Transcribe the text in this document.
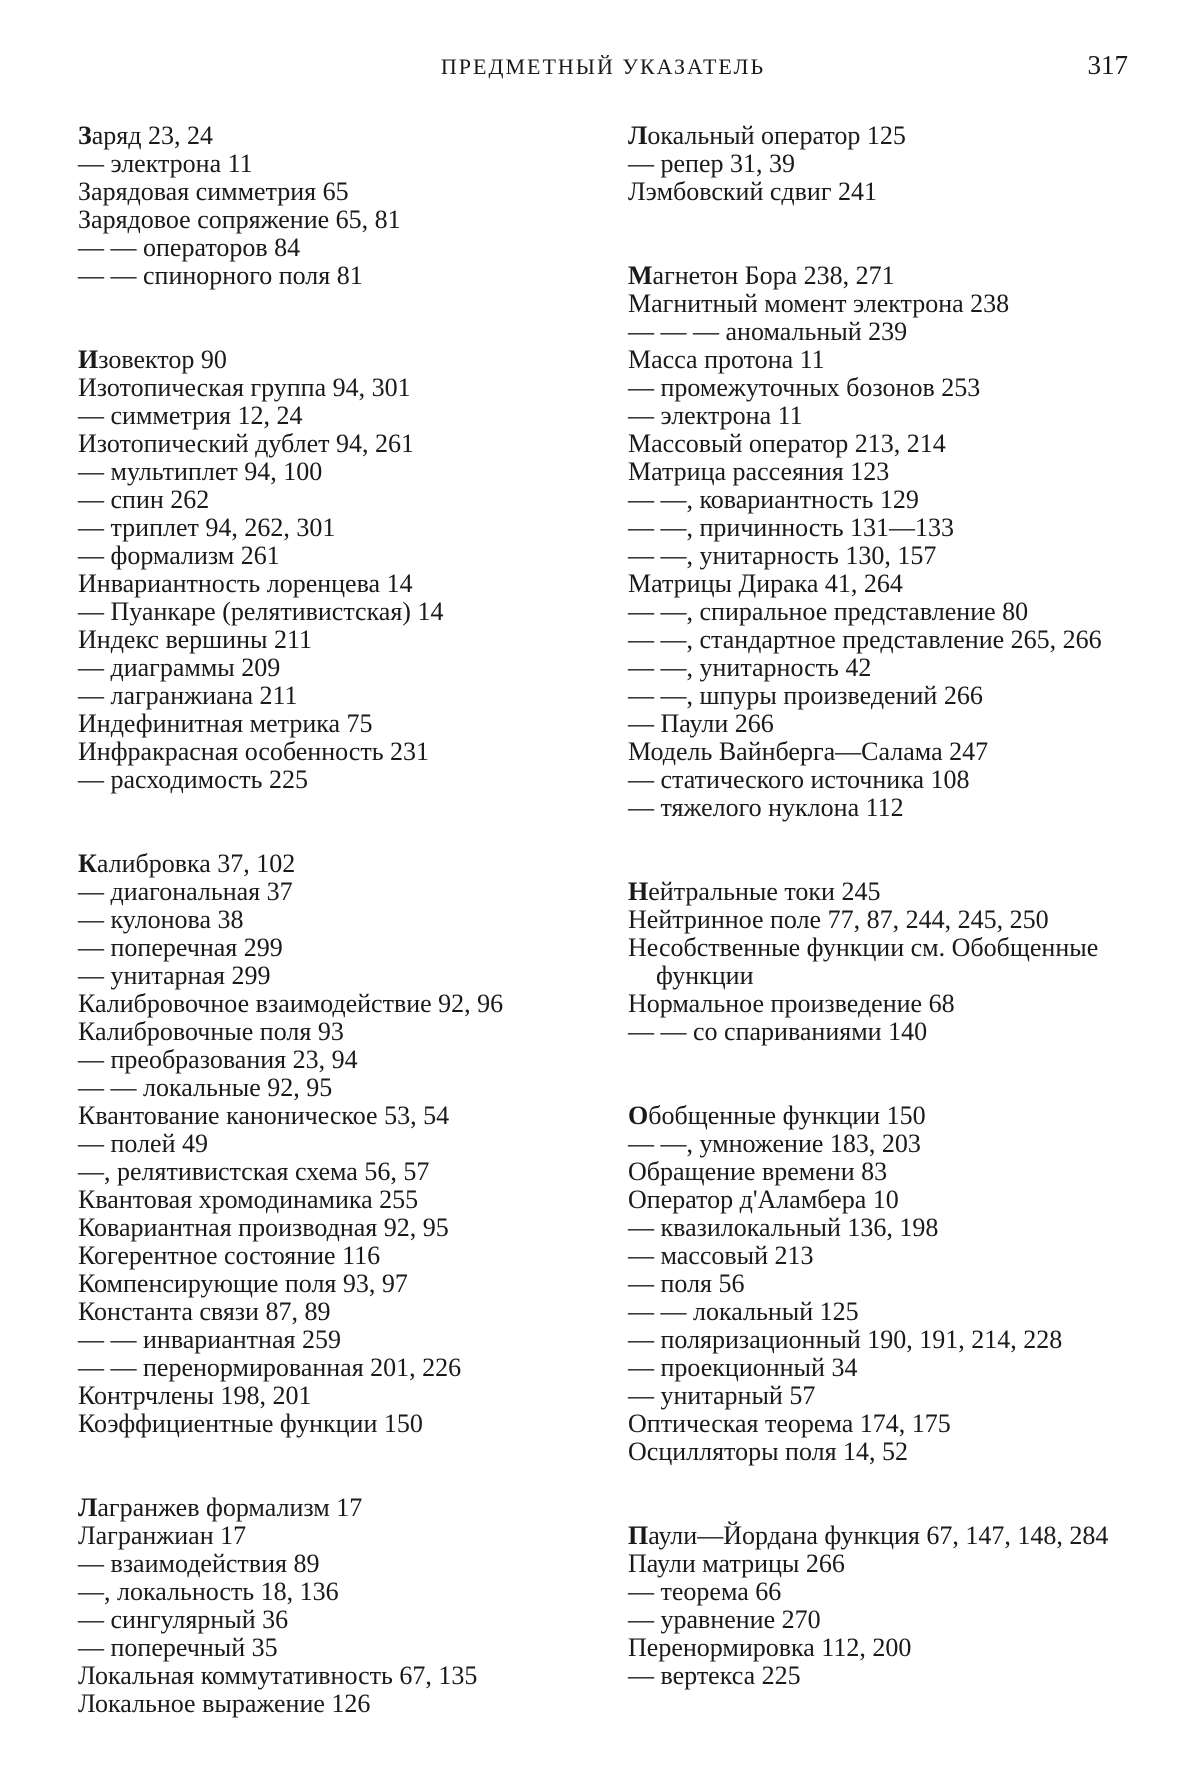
ПРЕДМЕТНЫЙ УКАЗАТЕЛЬ	317
Заряд 23, 24
— электрона 11
Зарядовая симметрия 65
Зарядовое сопряжение 65, 81
— — операторов 84
— — спинорного поля 81
Изовектор 90
Изотопическая группа 94, 301
— симметрия 12, 24
Изотопический дублет 94, 261
— мультиплет 94, 100
— спин 262
— триплет 94, 262, 301
— формализм 261
Инвариантность лоренцева 14
— Пуанкаре (релятивистская) 14
Индекс вершины 211
— диаграммы 209
— лагранжиана 211
Индефинитная метрика 75
Инфракрасная особенность 231
— расходимость 225
Калибровка 37, 102
— диагональная 37
— кулонова 38
— поперечная 299
— унитарная 299
Калибровочное взаимодействие 92, 96
Калибровочные поля 93
— преобразования 23, 94
— — локальные 92, 95
Квантование каноническое 53, 54
— полей 49
—, релятивистская схема 56, 57
Квантовая хромодинамика 255
Ковариантная производная 92, 95
Когерентное состояние 116
Компенсирующие поля 93, 97
Константа связи 87, 89
— — инвариантная 259
— — перенормированная 201, 226
Контрчлены 198, 201
Коэффициентные функции 150
Лагранжев формализм 17
Лагранжиан 17
— взаимодействия 89
—, локальность 18, 136
— сингулярный 36
— поперечный 35
Локальная коммутативность 67, 135
Локальное выражение 126
Локальный оператор 125
— репер 31, 39
Лэмбовский сдвиг 241
Магнетон Бора 238, 271
Магнитный момент электрона 238
— — — аномальный 239
Масса протона 11
— промежуточных бозонов 253
— электрона 11
Массовый оператор 213, 214
Матрица рассеяния 123
— —, ковариантность 129
— —, причинность 131—133
— —, унитарность 130, 157
Матрицы Дирака 41, 264
— —, спиральное представление 80
— —, стандартное представление 265, 266
— —, унитарность 42
— —, шпуры произведений 266
— Паули 266
Модель Вайнберга—Салама 247
— статического источника 108
— тяжелого нуклона 112
Нейтральные токи 245
Нейтринное поле 77, 87, 244, 245, 250
Несобственные функции см. Обобщенные функции
Нормальное произведение 68
— — со спариваниями 140
Обобщенные функции 150
— —, умножение 183, 203
Обращение времени 83
Оператор д'Аламбера 10
— квазилокальный 136, 198
— массовый 213
— поля 56
— — локальный 125
— поляризационный 190, 191, 214, 228
— проекционный 34
— унитарный 57
Оптическая теорема 174, 175
Осцилляторы поля 14, 52
Паули—Йордана функция 67, 147, 148, 284
Паули матрицы 266
— теорема 66
— уравнение 270
Перенормировка 112, 200
— вертекса 225
